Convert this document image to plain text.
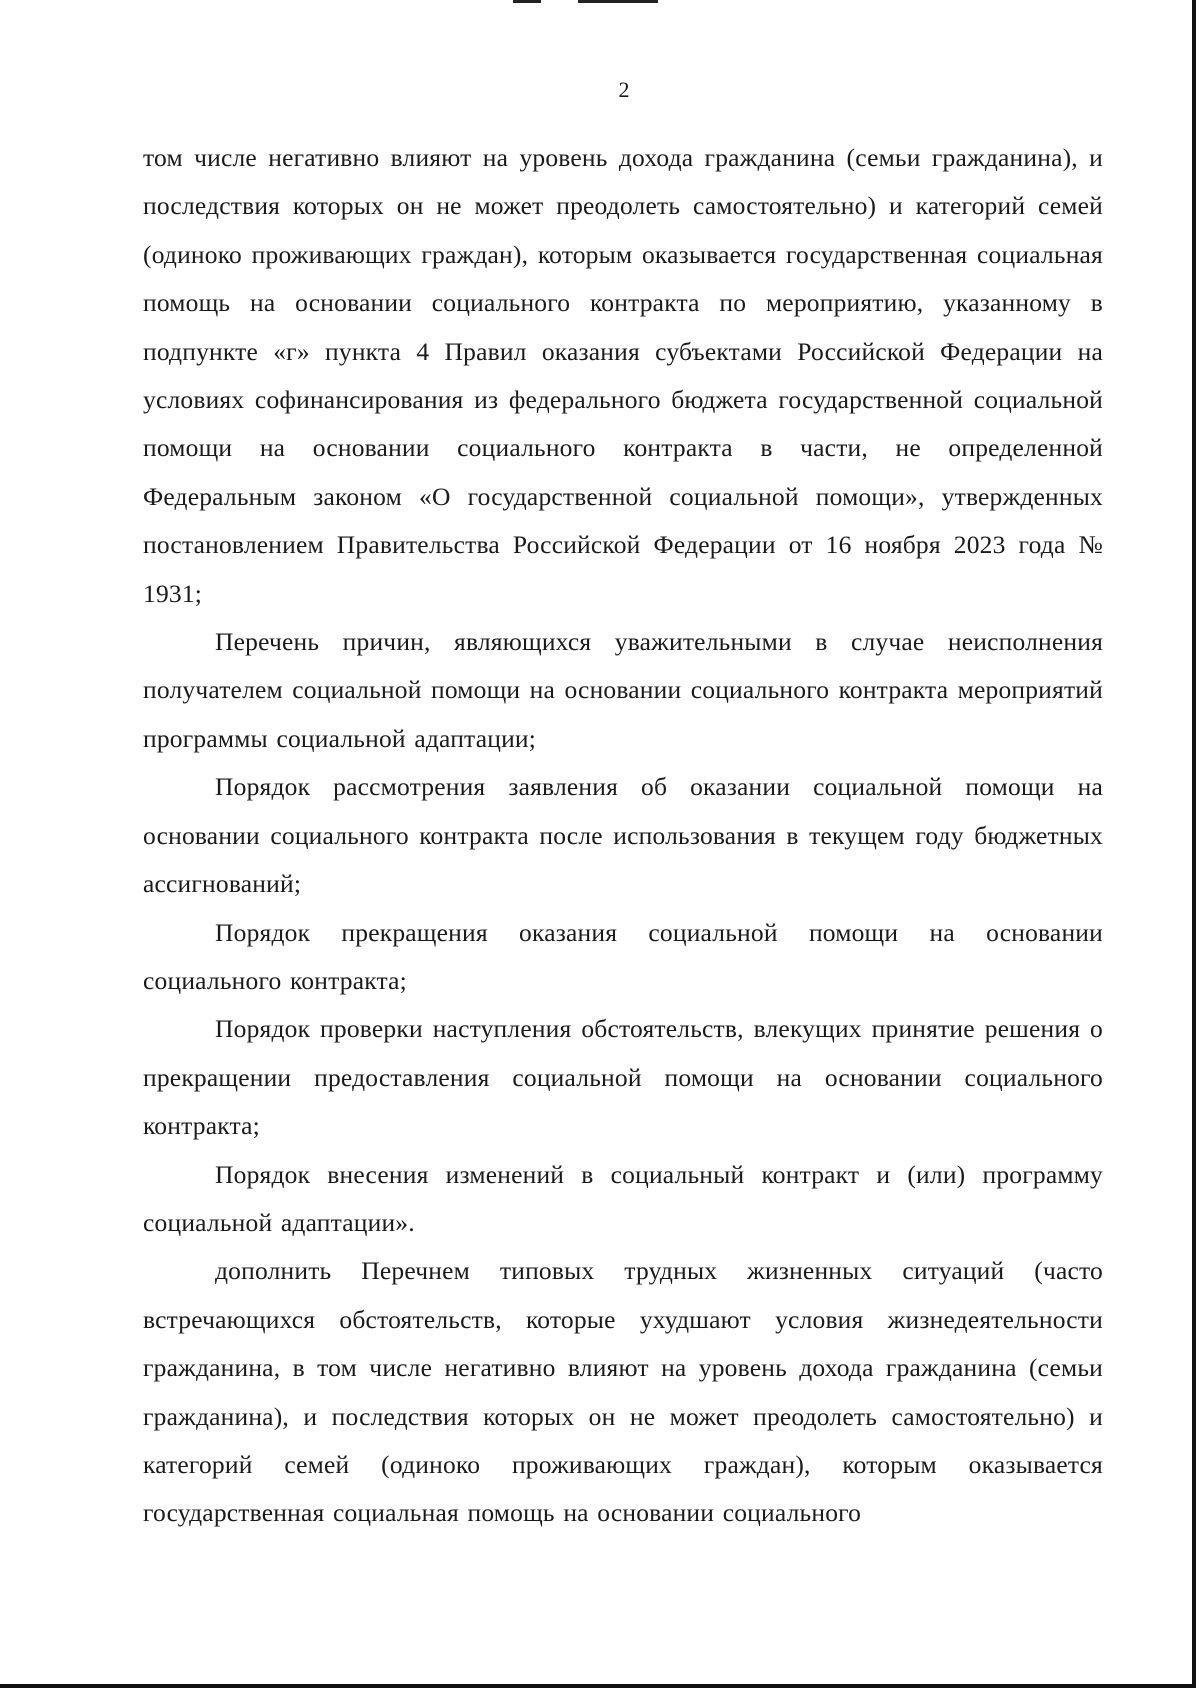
2

том числе негативно влияют на уровень дохода гражданина (семьи гражданина), и последствия которых он не может преодолеть самостоятельно) и категорий семей (одиноко проживающих граждан), которым оказывается государственная социальная помощь на основании социального контракта по мероприятию, указанному в подпункте «г» пункта 4 Правил оказания субъектами Российской Федерации на условиях софинансирования из федерального бюджета государственной социальной помощи на основании социального контракта в части, не определенной Федеральным законом «О государственной социальной помощи», утвержденных постановлением Правительства Российской Федерации от 16 ноября 2023 года № 1931;

Перечень причин, являющихся уважительными в случае неисполнения получателем социальной помощи на основании социального контракта мероприятий программы социальной адаптации;

Порядок рассмотрения заявления об оказании социальной помощи на основании социального контракта после использования в текущем году бюджетных ассигнований;

Порядок прекращения оказания социальной помощи на основании социального контракта;

Порядок проверки наступления обстоятельств, влекущих принятие решения о прекращении предоставления социальной помощи на основании социального контракта;

Порядок внесения изменений в социальный контракт и (или) программу социальной адаптации».

дополнить Перечнем типовых трудных жизненных ситуаций (часто встречающихся обстоятельств, которые ухудшают условия жизнедеятельности гражданина, в том числе негативно влияют на уровень дохода гражданина (семьи гражданина), и последствия которых он не может преодолеть самостоятельно) и категорий семей (одиноко проживающих граждан), которым оказывается государственная социальная помощь на основании социального
